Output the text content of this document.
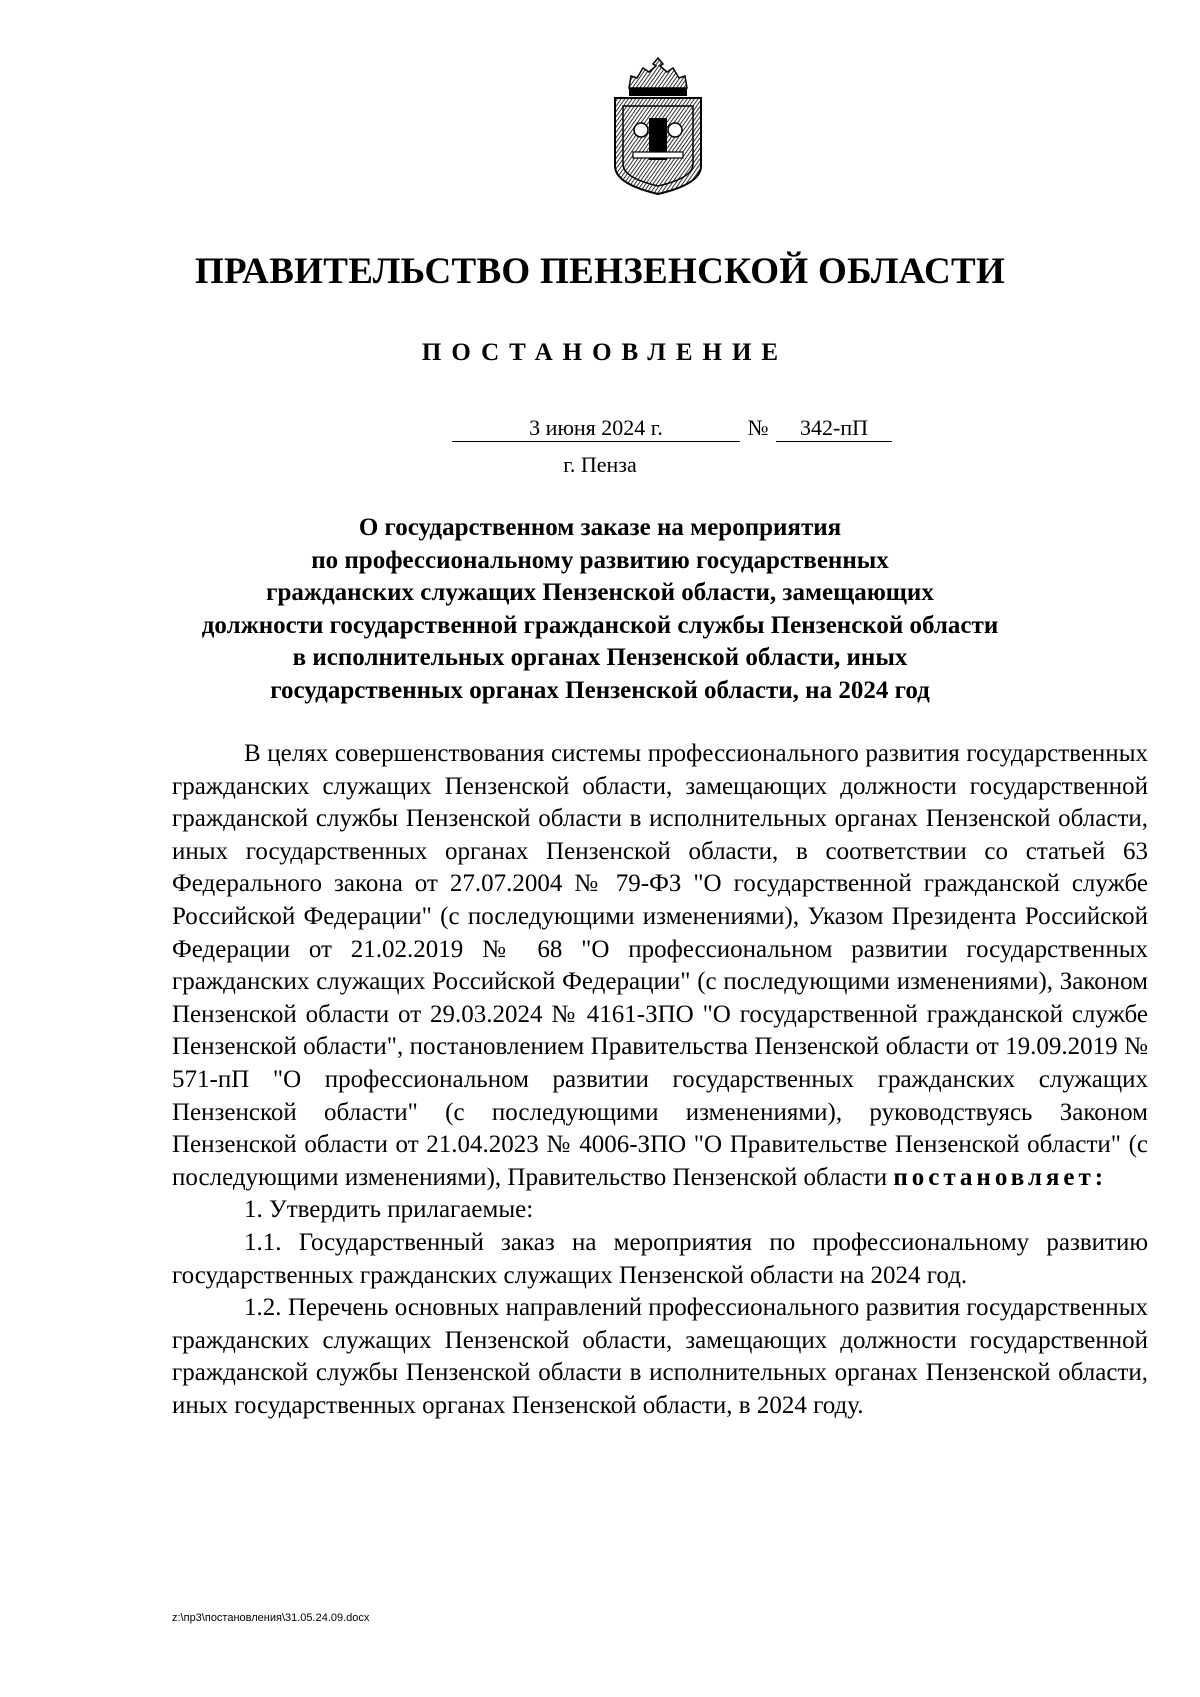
ПРАВИТЕЛЬСТВО ПЕНЗЕНСКОЙ ОБЛАСТИ
ПОСТАНОВЛЕНИЕ
3 июня 2024 г.	№	342-пП
г. Пенза
О государственном заказе на мероприятия
по профессиональному развитию государственных
гражданских служащих Пензенской области, замещающих
должности государственной гражданской службы Пензенской области
в исполнительных органах Пензенской области, иных
государственных органах Пензенской области, на 2024 год

В целях совершенствования системы профессионального развития государственных гражданских служащих Пензенской области, замещающих должности государственной гражданской службы Пензенской области в исполнительных органах Пензенской области, иных государственных органах Пензенской области, в соответствии со статьей 63 Федерального закона от 27.07.2004 № 79-ФЗ "О государственной гражданской службе Российской Федерации" (с последующими изменениями), Указом Президента Российской Федерации от 21.02.2019 № 68 "О профессиональном развитии государственных гражданских служащих Российской Федерации" (с последующими изменениями), Законом Пензенской области от 29.03.2024 № 4161-ЗПО "О государственной гражданской службе Пензенской области", постановлением Правительства Пензенской области от 19.09.2019 № 571-пП "О профессиональном развитии государственных гражданских служащих Пензенской области" (с последующими изменениями), руководствуясь Законом Пензенской области от 21.04.2023 № 4006-ЗПО "О Правительстве Пензенской области" (с последующими изменениями), Правительство Пензенской области постановляет:

1. Утвердить прилагаемые:

1.1. Государственный заказ на мероприятия по профессиональному развитию государственных гражданских служащих Пензенской области на 2024 год.

1.2. Перечень основных направлений профессионального развития государственных гражданских служащих Пензенской области, замещающих должности государственной гражданской службы Пензенской области в исполнительных органах Пензенской области, иных государственных органах Пензенской области, в 2024 году.

z:\пр3\постановления\31.05.24.09.docx
